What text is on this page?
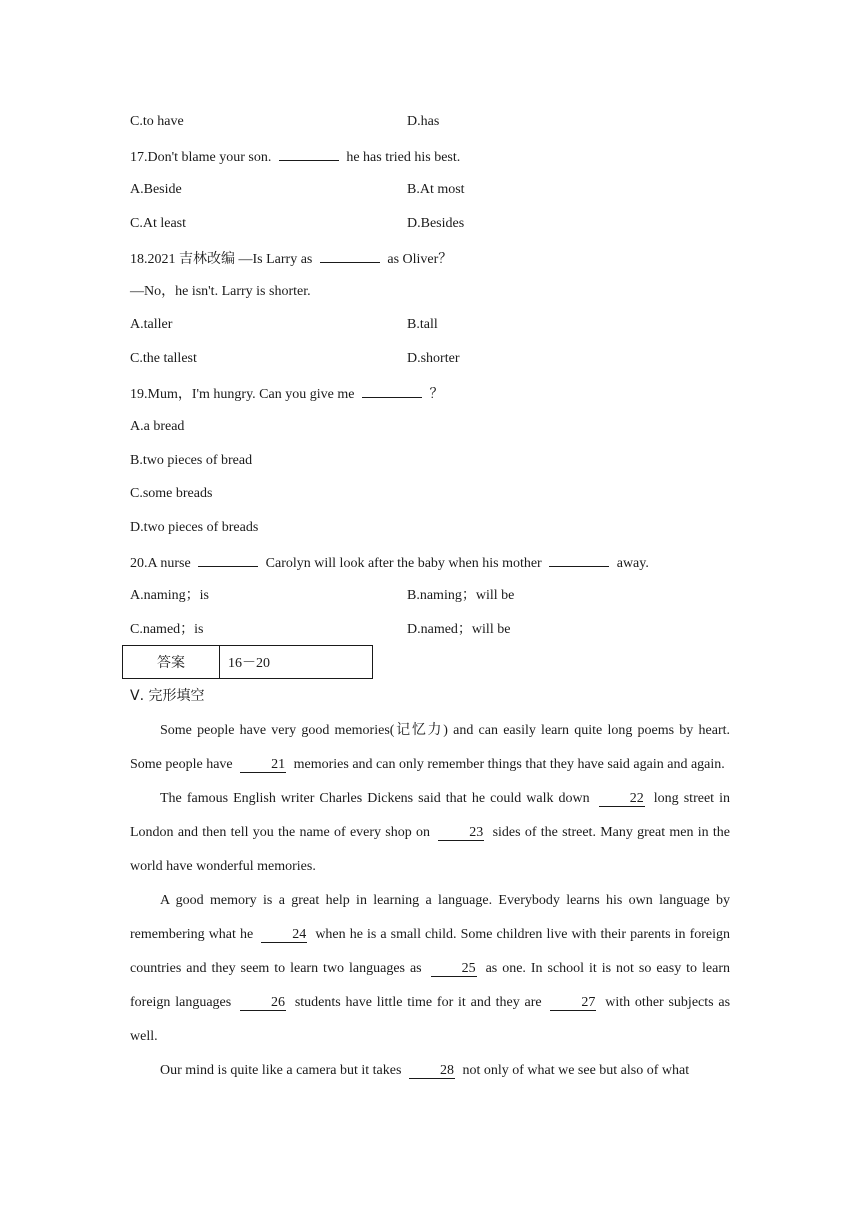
C.to have	D.has
17.Don't blame your son.	he has tried his best.
A.Beside	B.At most
C.At least	D.Besides
18.2021 吉林改编 —Is Larry as	as Oliver？
—No，he isn't. Larry is shorter.
A.taller	B.tall
C.the tallest	D.shorter
19.Mum，I'm hungry. Can you give me	？
A.a bread
B.two pieces of bread
C.some breads
D.two pieces of breads
20.A nurse	Carolyn will look after the baby when his mother	away.
A.naming；is	B.naming；will be
C.named；is	D.named；will be
答案	16－20
Ⅴ. 完形填空

Some people have very good memories(记忆力) and can easily learn quite long poems by heart. Some people have	21 memories and can only remember things that they have said again and again.

The famous English writer Charles Dickens said that he could walk down	22 long street in London and then tell you the name of every shop on	23 sides of the street. Many great men in the world have wonderful memories.

A good memory is a great help in learning a language. Everybody learns his own language by remembering what he	24 when he is a small child. Some children live with their parents in foreign countries and they seem to learn two languages as	25 as one. In school it is not so easy to learn foreign languages	26 students have little time for it and they are	27 with other subjects as well.

Our mind is quite like a camera but it takes	28 not only of what we see but also of what
